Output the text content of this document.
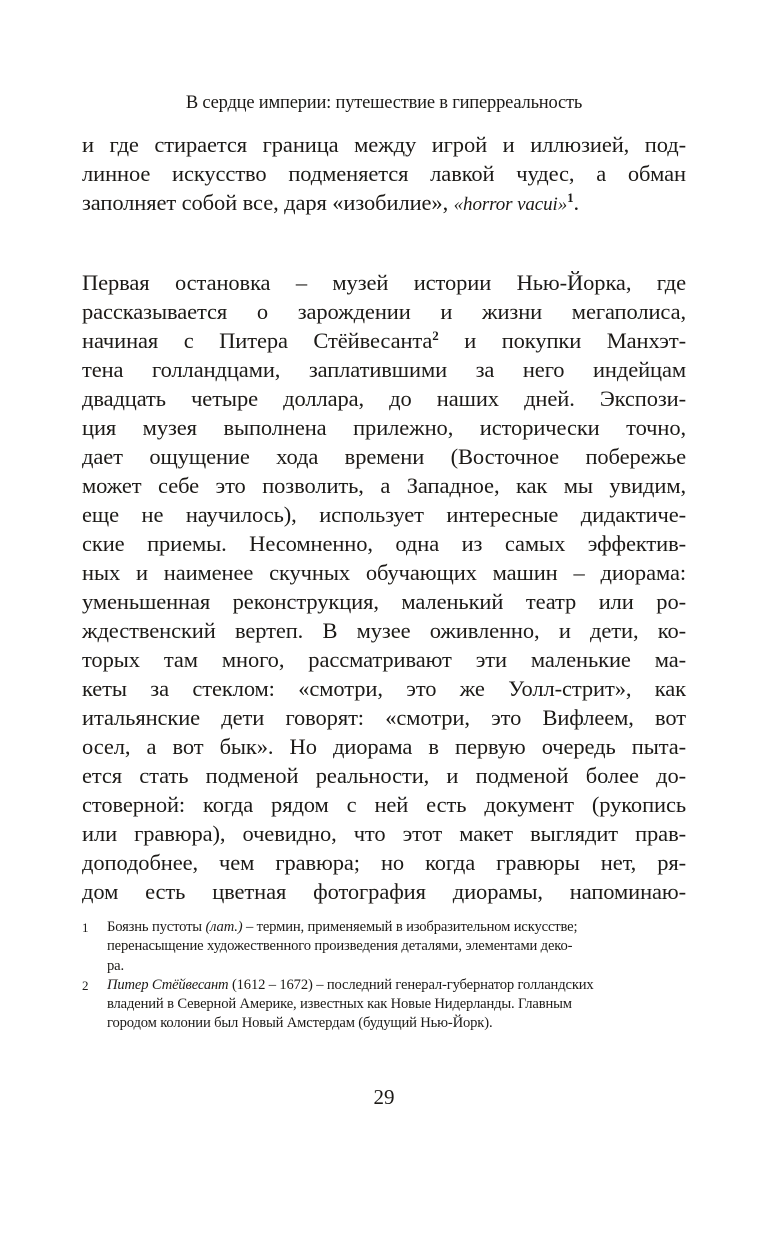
В сердце империи: путешествие в гиперреальность
и где стирается граница между игрой и иллюзией, под-
линное искусство подменяется лавкой чудес, а обман
заполняет собой все, даря «изобилие», «horror vacui»$^1$.
Первая остановка – музей истории Нью-Йорка, где
рассказывается о зарождении и жизни мегаполиса,
начиная с Питера Стёйвесанта$^2$ и покупки Манхэт-
тена голландцами, заплатившими за него индейцам
двадцать четыре доллара, до наших дней. Экспози-
ция музея выполнена прилежно, исторически точно,
дает ощущение хода времени (Восточное побережье
может себе это позволить, а Западное, как мы увидим,
еще не научилось), использует интересные дидактиче-
ские приемы. Несомненно, одна из самых эффектив-
ных и наименее скучных обучающих машин – диорама:
уменьшенная реконструкция, маленький театр или ро-
ждественский вертеп. В музее оживленно, и дети, ко-
торых там много, рассматривают эти маленькие ма-
кеты за стеклом: «смотри, это же Уолл-стрит», как
итальянские дети говорят: «смотри, это Вифлеем, вот
осел, а вот бык». Но диорама в первую очередь пыта-
ется стать подменой реальности, и подменой более до-
стоверной: когда рядом с ней есть документ (рукопись
или гравюра), очевидно, что этот макет выглядит прав-
доподобнее, чем гравюра; но когда гравюры нет, ря-
дом есть цветная фотография диорамы, напоминаю-
1 Боязнь пустоты (лат.) – термин, применяемый в изобразительном искусстве;
перенасыщение художественного произведения деталями, элементами деко-
ра.
2 Питер Стёйвесант (1612 – 1672) – последний генерал-губернатор голландских
владений в Северной Америке, известных как Новые Нидерланды. Главным
городом колонии был Новый Амстердам (будущий Нью-Йорк).
29
